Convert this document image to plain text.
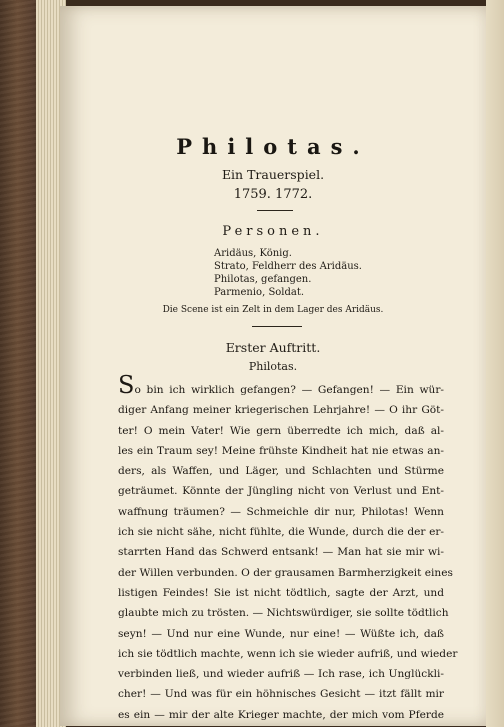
Philotas.
Ein Trauerspiel.
1759. 1772.
Personen.
Aridäus, König.
Strato, Feldherr des Aridäus.
Philotas, gefangen.
Parmenio, Soldat.
Die Scene ist ein Zelt in dem Lager des Aridäus.
Erster Auftritt.
Philotas.
So bin ich wirklich gefangen? — Gefangen! — Ein wür-
diger Anfang meiner kriegerischen Lehrjahre! — O ihr Göt-
ter! O mein Vater! Wie gern überredte ich mich, daß al-
les ein Traum sey! Meine frühste Kindheit hat nie etwas an-
ders, als Waffen, und Läger, und Schlachten und Stürme
geträumet. Könnte der Jüngling nicht von Verlust und Ent-
waffnung träumen? — Schmeichle dir nur, Philotas! Wenn
ich sie nicht sähe, nicht fühlte, die Wunde, durch die der er-
starrten Hand das Schwerd entsank! — Man hat sie mir wi-
der Willen verbunden. O der grausamen Barmherzigkeit eines
listigen Feindes! Sie ist nicht tödtlich, sagte der Arzt, und
glaubte mich zu trösten. — Nichtswürdiger, sie sollte tödtlich
seyn! — Und nur eine Wunde, nur eine! — Wüßte ich, daß
ich sie tödtlich machte, wenn ich sie wieder aufriß, und wieder
verbinden ließ, und wieder aufriß — Ich rase, ich Unglückli-
cher! — Und was für ein höhnisches Gesicht — itzt fällt mir
es ein — mir der alte Krieger machte, der mich vom Pferde
